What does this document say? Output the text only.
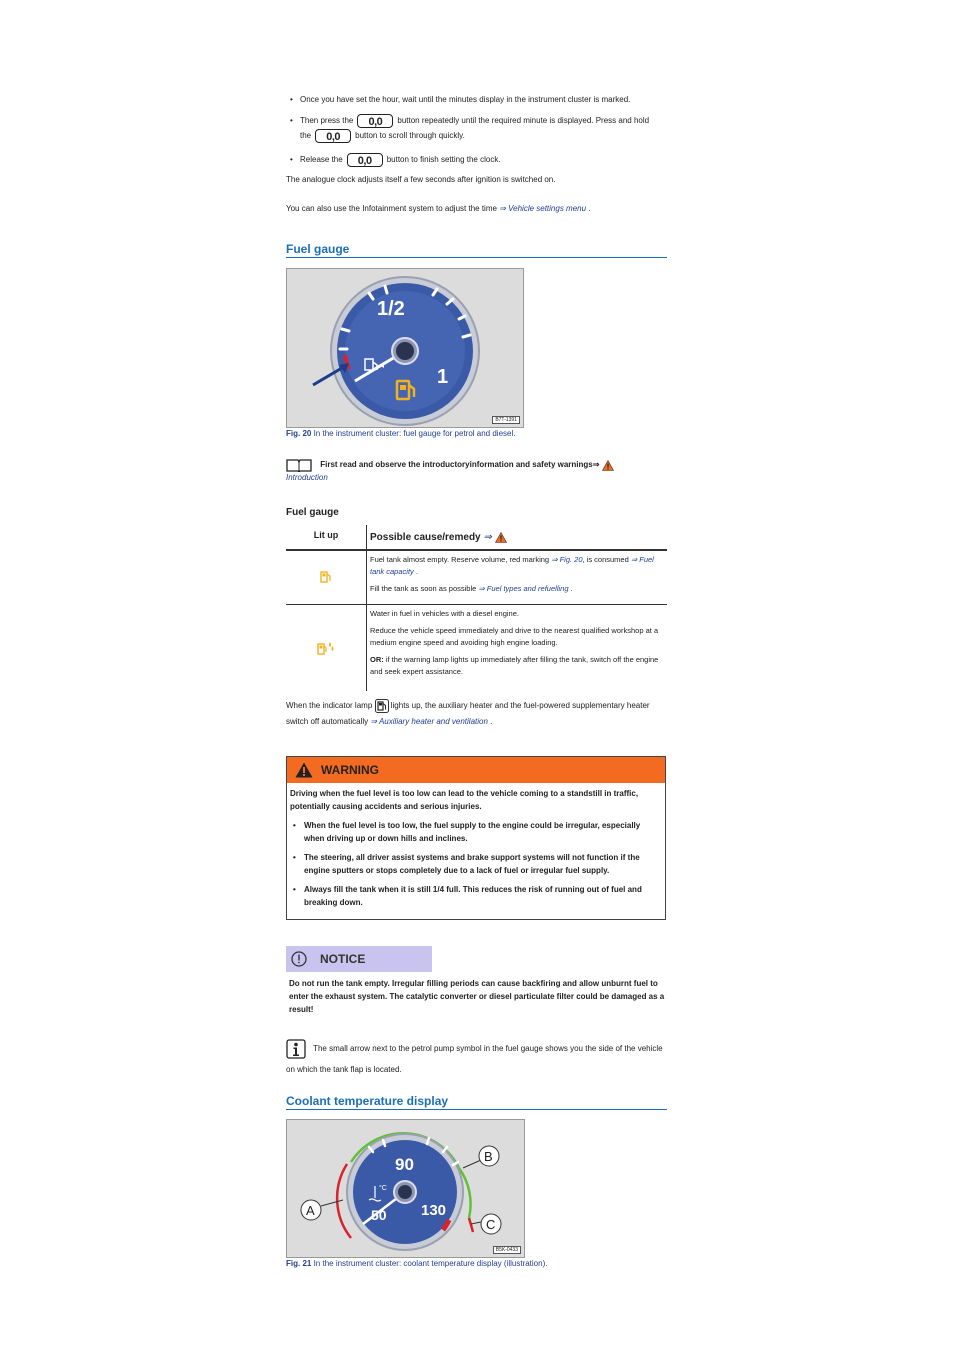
• Once you have set the hour, wait until the minutes display in the instrument cluster is marked.
• Then press the 0,0 button repeatedly until the required minute is displayed. Press and hold
the 0,0 button to scroll through quickly.
• Release the 0,0 button to finish setting the clock.
The analogue clock adjusts itself a few seconds after ignition is switched on.
You can also use the Infotainment system to adjust the time ⇒ Vehicle settings menu .
Fuel gauge
1/2
1
B7T-1391
Fig. 20 In the instrument cluster: fuel gauge for petrol and diesel.
First read and observe the introductoryinformation and safety warnings⇒
Introduction
Fuel gauge
Lit up	Possible cause/remedy ⇒
Fuel tank almost empty. Reserve volume, red marking ⇒ Fig. 20, is consumed ⇒ Fuel tank capacity .
Fill the tank as soon as possible ⇒ Fuel types and refuelling .
Water in fuel in vehicles with a diesel engine.
Reduce the vehicle speed immediately and drive to the nearest qualified workshop at a medium engine speed and avoiding high engine loading.
OR: if the warning lamp lights up immediately after filling the tank, switch off the engine and seek expert assistance.
When the indicator lamp lights up, the auxiliary heater and the fuel-powered supplementary heater switch off automatically ⇒ Auxiliary heater and ventilation .
WARNING
Driving when the fuel level is too low can lead to the vehicle coming to a standstill in traffic, potentially causing accidents and serious injuries.
• When the fuel level is too low, the fuel supply to the engine could be irregular, especially when driving up or down hills and inclines.
• The steering, all driver assist systems and brake support systems will not function if the engine sputters or stops completely due to a lack of fuel or irregular fuel supply.
• Always fill the tank when it is still 1/4 full. This reduces the risk of running out of fuel and breaking down.
NOTICE
Do not run the tank empty. Irregular filling periods can cause backfiring and allow unburnt fuel to enter the exhaust system. The catalytic converter or diesel particulate filter could be damaged as a result!
The small arrow next to the petrol pump symbol in the fuel gauge shows you the side of the vehicle on which the tank flap is located.
Coolant temperature display
90
130
50
°C
A
B
C
B5K-0433
Fig. 21 In the instrument cluster: coolant temperature display (illustration).
